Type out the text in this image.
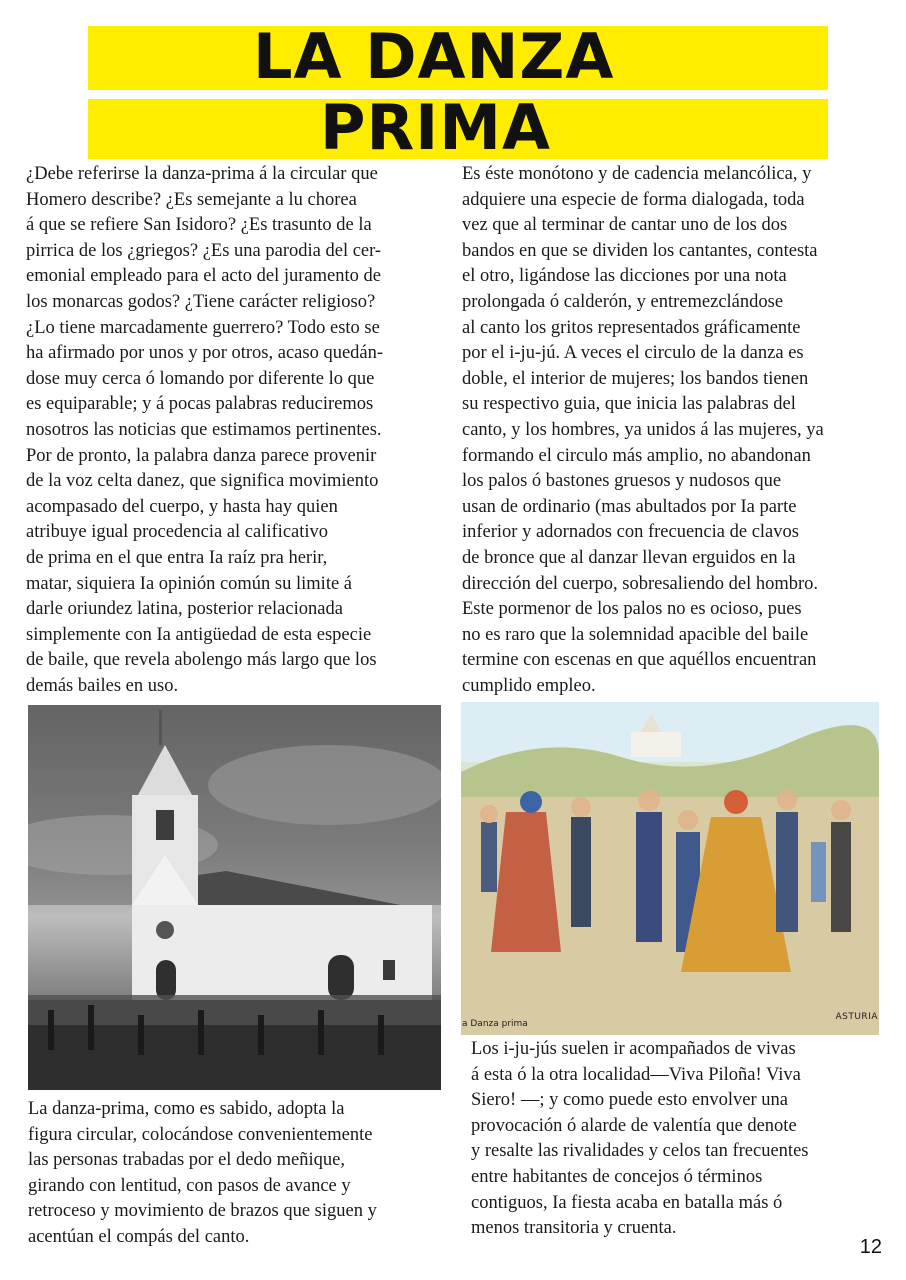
LA DANZA
PRIMA

¿Debe referirse la danza-prima á la circular que
Homero describe? ¿Es semejante a lu chorea
á que se refiere San Isidoro? ¿Es trasunto de la
pirrica de los ¿griegos? ¿Es una parodia del cer-
emonial empleado para el acto del juramento de
los monarcas godos? ¿Tiene carácter religioso?
¿Lo tiene marcadamente guerrero? Todo esto se
ha afirmado por unos y por otros, acaso quedán-
dose muy cerca ó lomando por diferente lo que
es equiparable; y á pocas palabras reduciremos
nosotros las noticias que estimamos pertinentes.
Por de pronto, la palabra danza parece provenir
de la voz celta danez, que significa movimiento
acompasado del cuerpo, y hasta hay quien
atribuye igual procedencia al calificativo
de prima en el que entra Ia raíz pra herir,
matar, siquiera Ia opinión común su limite á
darle oriundez latina, posterior relacionada
simplemente con Ia antigüedad de esta especie
de baile, que revela abolengo más largo que los
demás bailes en uso.

Es éste monótono y de cadencia melancólica, y
adquiere una especie de forma dialogada, toda
vez que al terminar de cantar uno de los dos
bandos en que se dividen los cantantes, contesta
el otro, ligándose las dicciones por una nota
prolongada ó calderón, y entremezclándose
al canto los gritos representados gráficamente
por el i-ju-jú. A veces el circulo de la danza es
doble, el interior de mujeres; los bandos tienen
su respectivo guia, que inicia las palabras del
canto, y los hombres, ya unidos á las mujeres, ya
formando el circulo más amplio, no abandonan
los palos ó bastones gruesos y nudosos que
usan de ordinario (mas abultados por Ia parte
inferior y adornados con frecuencia de clavos
de bronce que al danzar llevan erguidos en la
dirección del cuerpo, sobresaliendo del hombro.
Este pormenor de los palos no es ocioso, pues
no es raro que la solemnidad apacible del baile
termine con escenas en que aquéllos encuentran
cumplido empleo.

a Danza prima
ASTURIA

La danza-prima, como es sabido, adopta la
figura circular, colocándose convenientemente
las personas trabadas por el dedo meñique,
girando con lentitud, con pasos de avance y
retroceso y movimiento de brazos que siguen y
acentúan el compás del canto.

Los i-ju-jús suelen ir acompañados de vivas
á esta ó la otra localidad—Viva Piloña! Viva
Siero! —; y como puede esto envolver una
provocación ó alarde de valentía que denote
y resalte las rivalidades y celos tan frecuentes
entre habitantes de concejos ó términos
contiguos, Ia fiesta acaba en batalla más ó
menos transitoria y cruenta.

12
